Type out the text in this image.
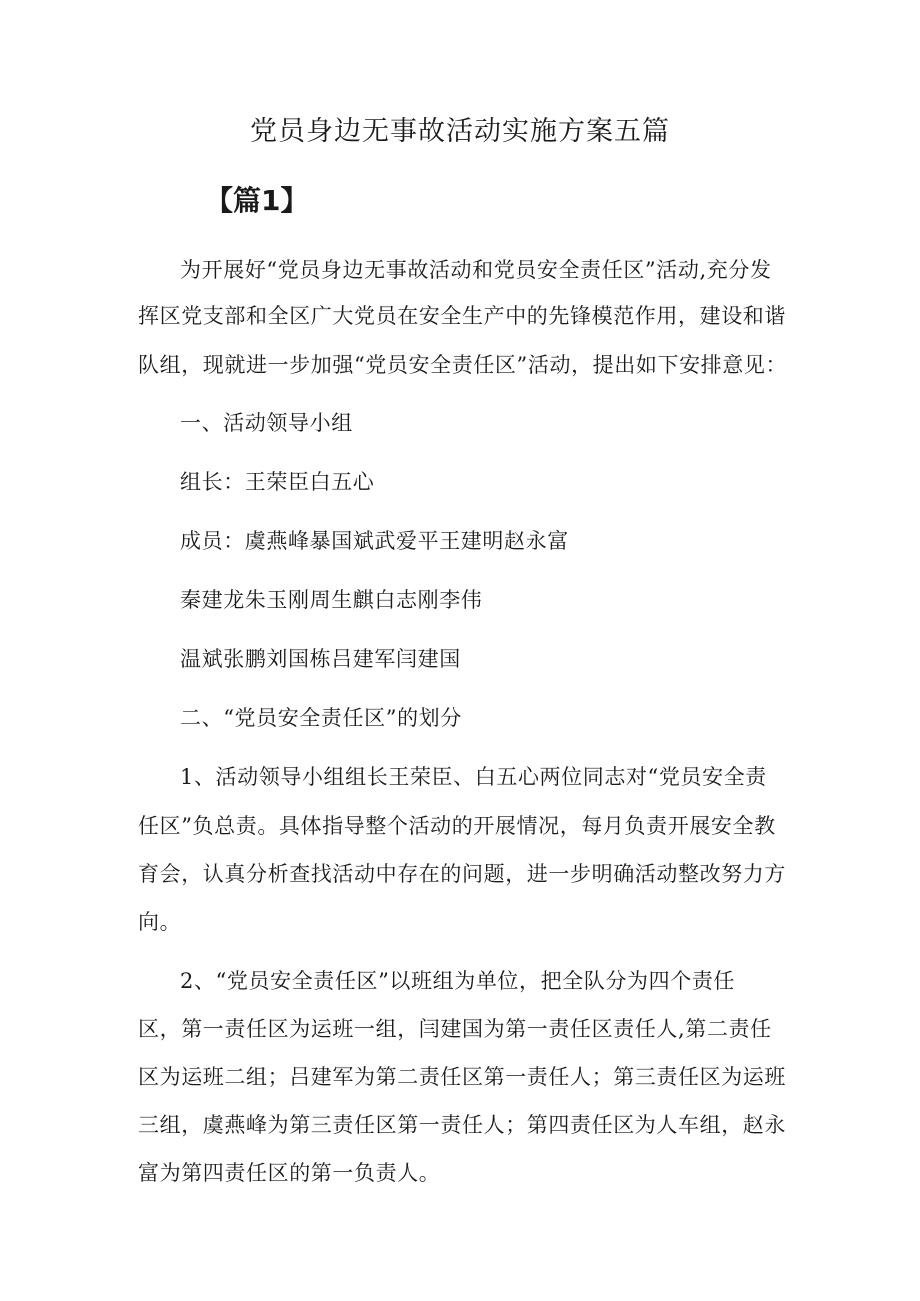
党员身边无事故活动实施方案五篇
【篇1】
为开展好“党员身边无事故活动和党员安全责任区”活动,充分发
挥区党支部和全区广大党员在安全生产中的先锋模范作用，建设和谐
队组，现就进一步加强“党员安全责任区”活动，提出如下安排意见：
一、活动领导小组
组长：王荣臣白五心
成员：虞燕峰暴国斌武爱平王建明赵永富
秦建龙朱玉刚周生麒白志刚李伟
温斌张鹏刘国栋吕建军闫建国
二、“党员安全责任区”的划分
1、活动领导小组组长王荣臣、白五心两位同志对“党员安全责
任区”负总责。具体指导整个活动的开展情况，每月负责开展安全教
育会，认真分析查找活动中存在的问题，进一步明确活动整改努力方
向。
2、“党员安全责任区”以班组为单位，把全队分为四个责任
区，第一责任区为运班一组，闫建国为第一责任区责任人,第二责任
区为运班二组；吕建军为第二责任区第一责任人；第三责任区为运班
三组，虞燕峰为第三责任区第一责任人；第四责任区为人车组，赵永
富为第四责任区的第一负责人。
